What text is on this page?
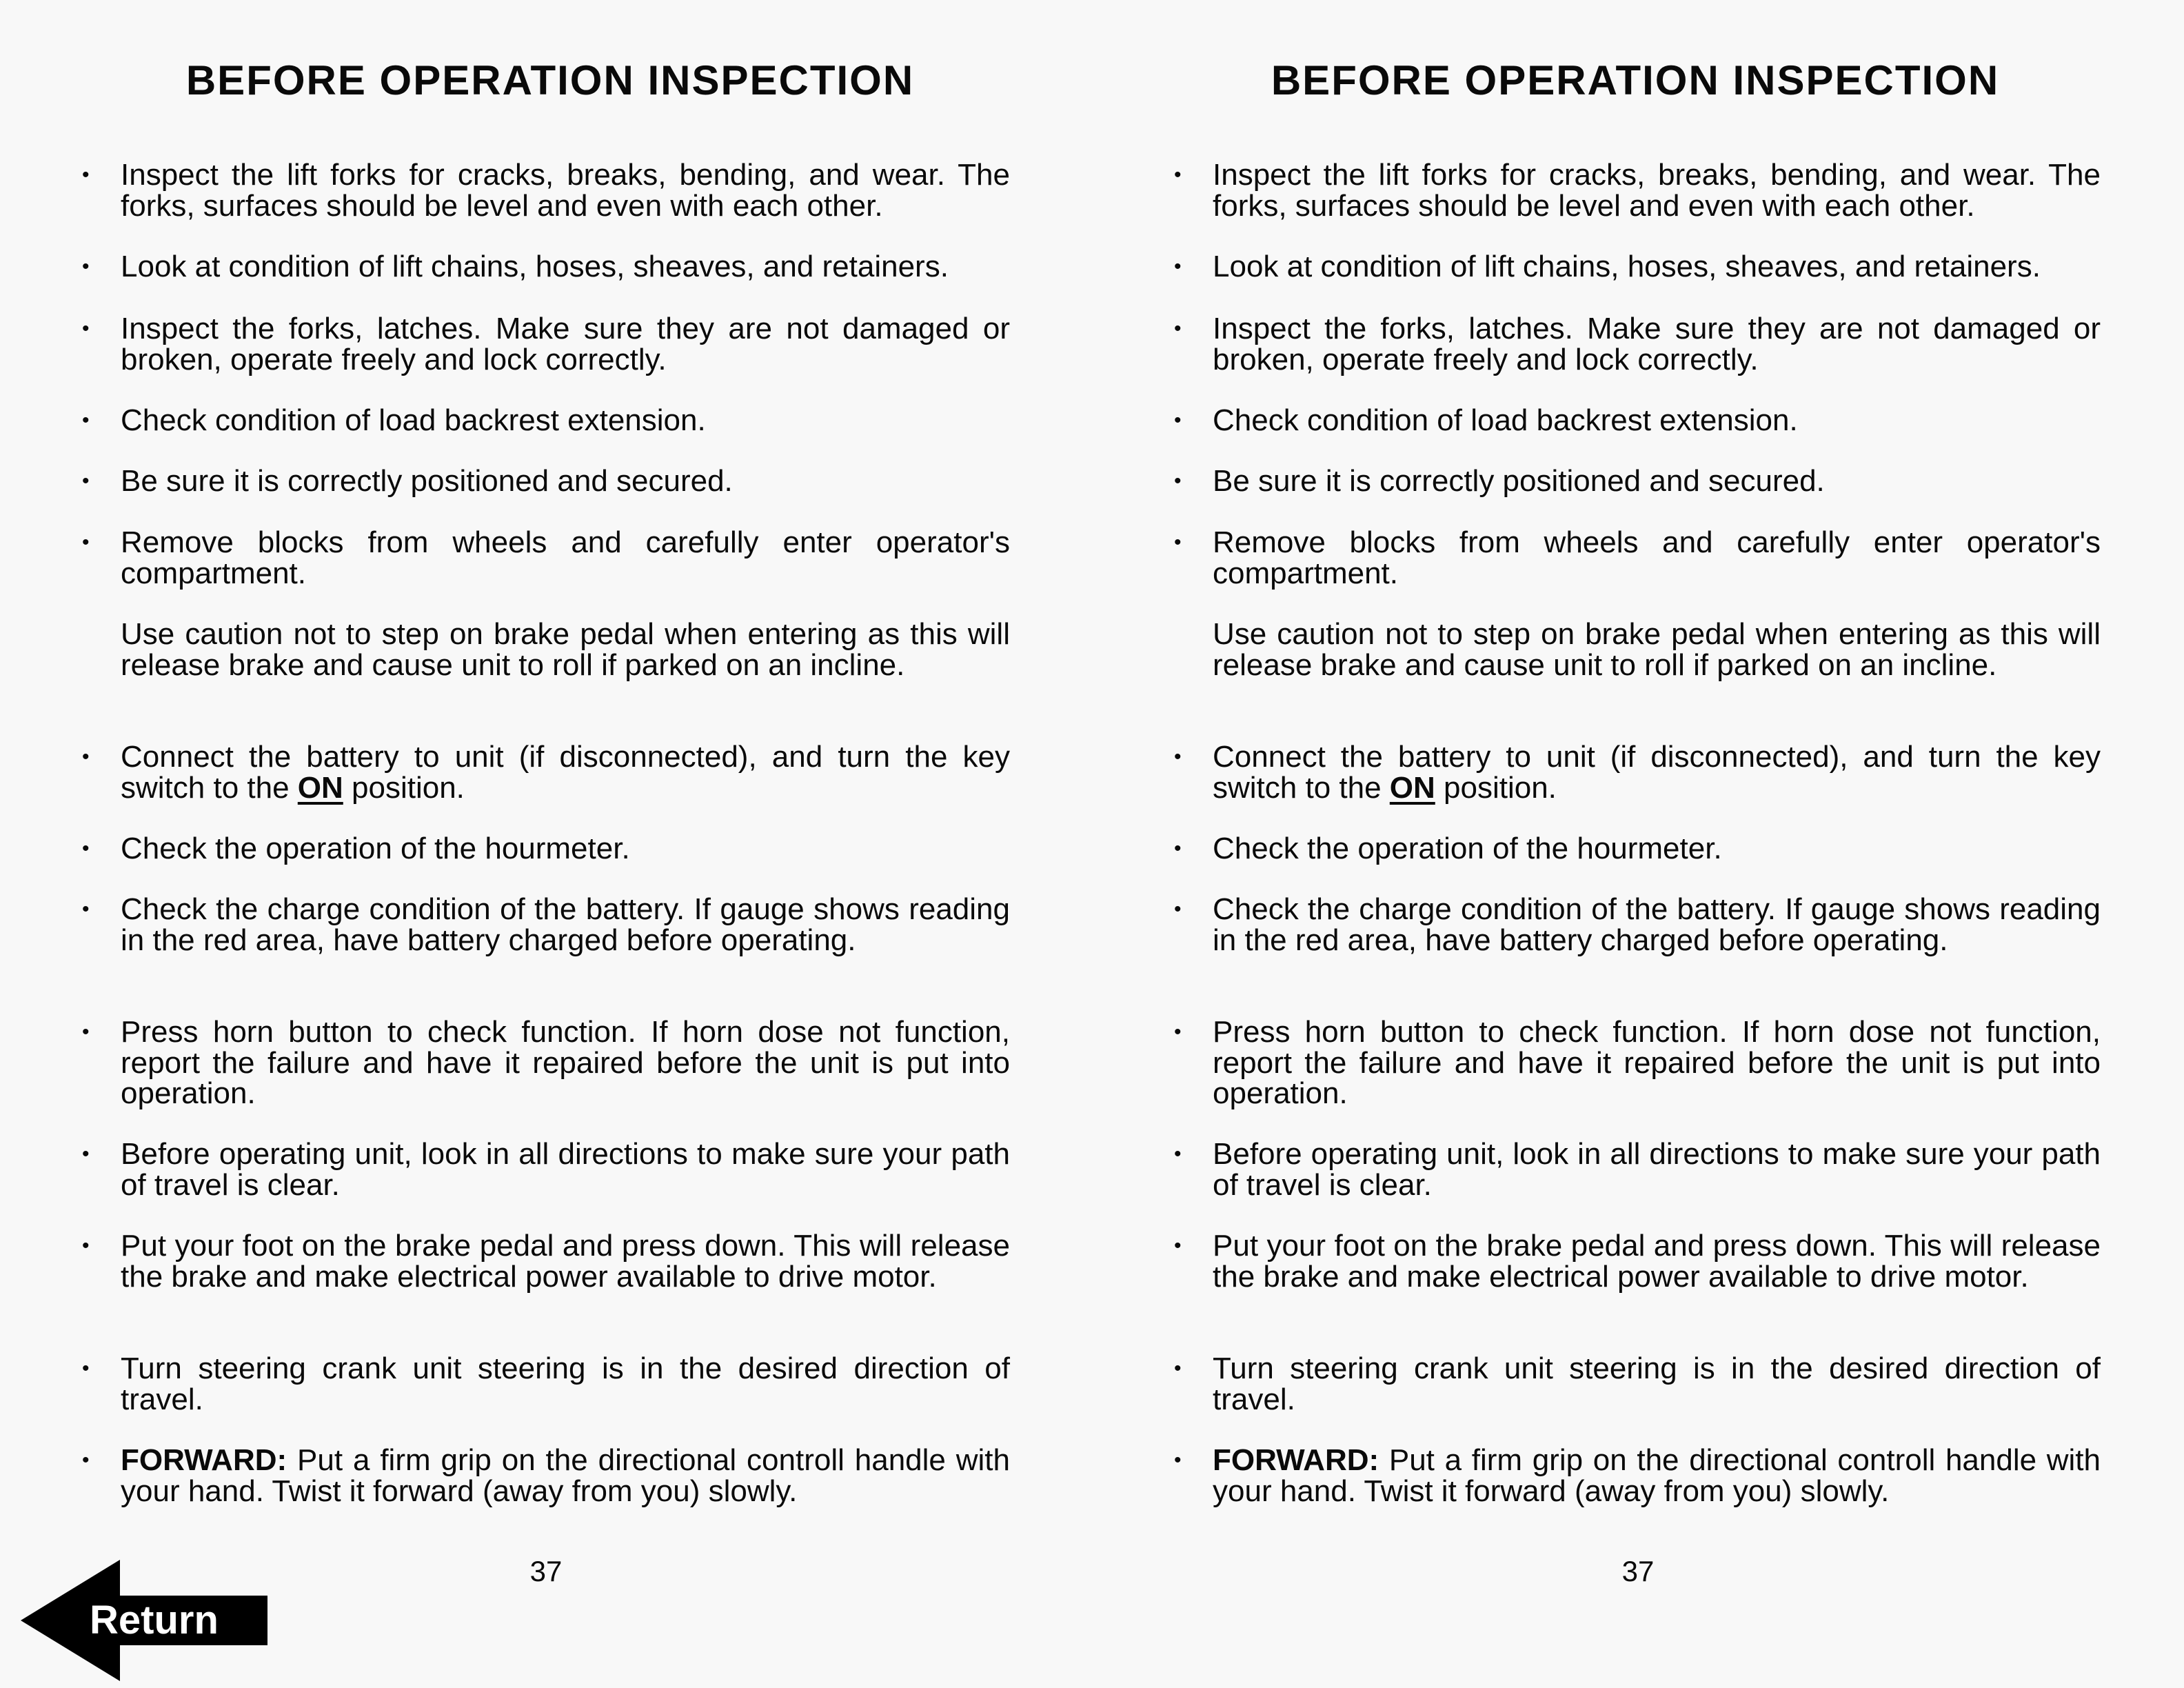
BEFORE OPERATION INSPECTION
• Inspect the lift forks for cracks, breaks, bending, and wear. The forks, surfaces should be level and even with each other.
• Look at condition of lift chains, hoses, sheaves, and retainers.
• Inspect the forks, latches. Make sure they are not damaged or broken, operate freely and lock correctly.
• Check condition of load backrest extension.
• Be sure it is correctly positioned and secured.
• Remove blocks from wheels and carefully enter operator's compartment.
Use caution not to step on brake pedal when entering as this will release brake and cause unit to roll if parked on an incline.
• Connect the battery to unit (if disconnected), and turn the key switch to the ON position.
• Check the operation of the hourmeter.
• Check the charge condition of the battery. If gauge shows reading in the red area, have battery charged before operating.
• Press horn button to check function. If horn dose not function, report the failure and have it repaired before the unit is put into operation.
• Before operating unit, look in all directions to make sure your path of travel is clear.
• Put your foot on the brake pedal and press down. This will release the brake and make electrical power available to drive motor.
• Turn steering crank unit steering is in the desired direction of travel.
• FORWARD: Put a firm grip on the directional controll handle with your hand. Twist it forward (away from you) slowly.
37
BEFORE OPERATION INSPECTION
• Inspect the lift forks for cracks, breaks, bending, and wear. The forks, surfaces should be level and even with each other.
• Look at condition of lift chains, hoses, sheaves, and retainers.
• Inspect the forks, latches. Make sure they are not damaged or broken, operate freely and lock correctly.
• Check condition of load backrest extension.
• Be sure it is correctly positioned and secured.
• Remove blocks from wheels and carefully enter operator's compartment.
Use caution not to step on brake pedal when entering as this will release brake and cause unit to roll if parked on an incline.
• Connect the battery to unit (if disconnected), and turn the key switch to the ON position.
• Check the operation of the hourmeter.
• Check the charge condition of the battery. If gauge shows reading in the red area, have battery charged before operating.
• Press horn button to check function. If horn dose not function, report the failure and have it repaired before the unit is put into operation.
• Before operating unit, look in all directions to make sure your path of travel is clear.
• Put your foot on the brake pedal and press down. This will release the brake and make electrical power available to drive motor.
• Turn steering crank unit steering is in the desired direction of travel.
• FORWARD: Put a firm grip on the directional controll handle with your hand. Twist it forward (away from you) slowly.
37
Return
